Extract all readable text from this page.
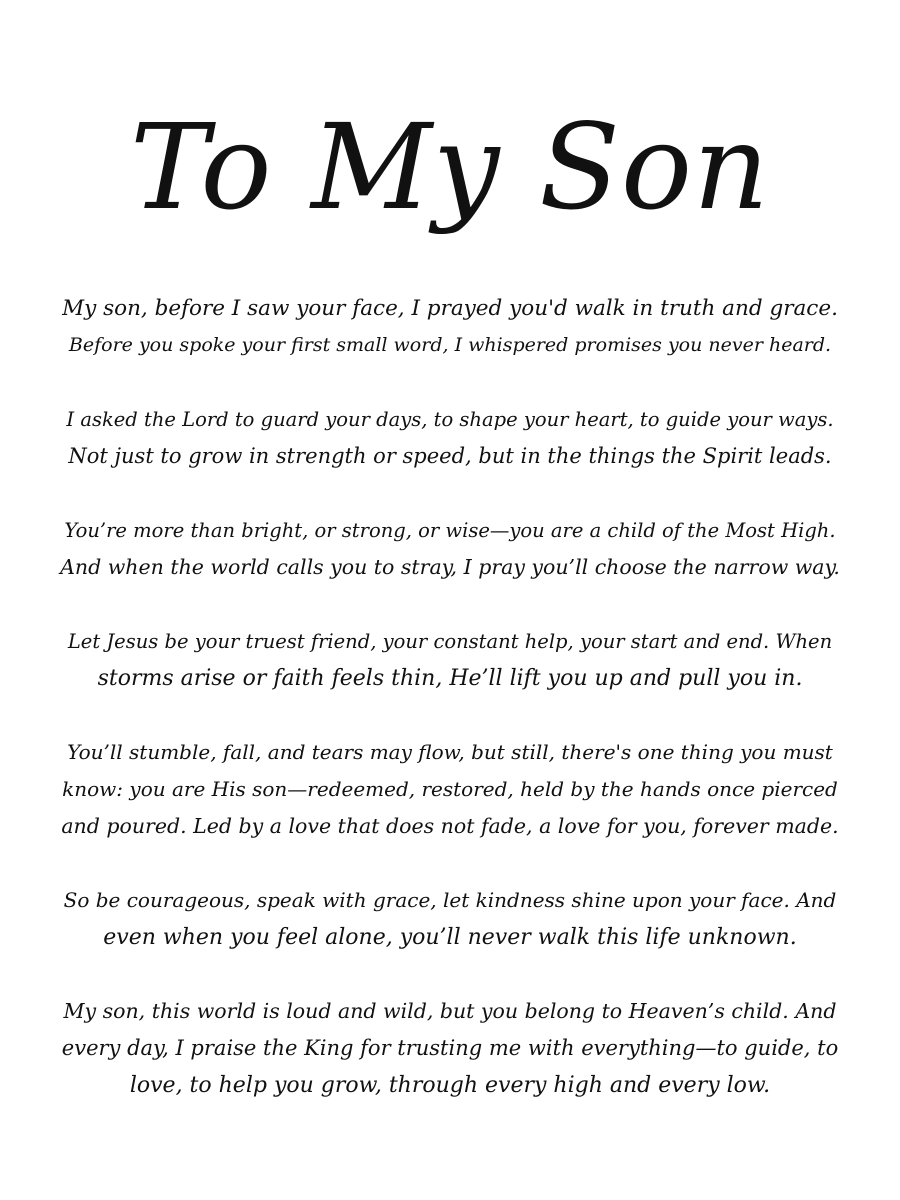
To My Son

My son, before I saw your face, I prayed you'd walk in truth and grace.
Before you spoke your first small word, I whispered promises you never heard.

I asked the Lord to guard your days, to shape your heart, to guide your ways.
Not just to grow in strength or speed, but in the things the Spirit leads.

You’re more than bright, or strong, or wise—you are a child of the Most High.
And when the world calls you to stray, I pray you’ll choose the narrow way.

Let Jesus be your truest friend, your constant help, your start and end. When
storms arise or faith feels thin, He’ll lift you up and pull you in.

You’ll stumble, fall, and tears may flow, but still, there's one thing you must
know: you are His son—redeemed, restored, held by the hands once pierced
and poured. Led by a love that does not fade, a love for you, forever made.

So be courageous, speak with grace, let kindness shine upon your face. And
even when you feel alone, you’ll never walk this life unknown.

My son, this world is loud and wild, but you belong to Heaven’s child. And
every day, I praise the King for trusting me with everything—to guide, to
love, to help you grow, through every high and every low.
